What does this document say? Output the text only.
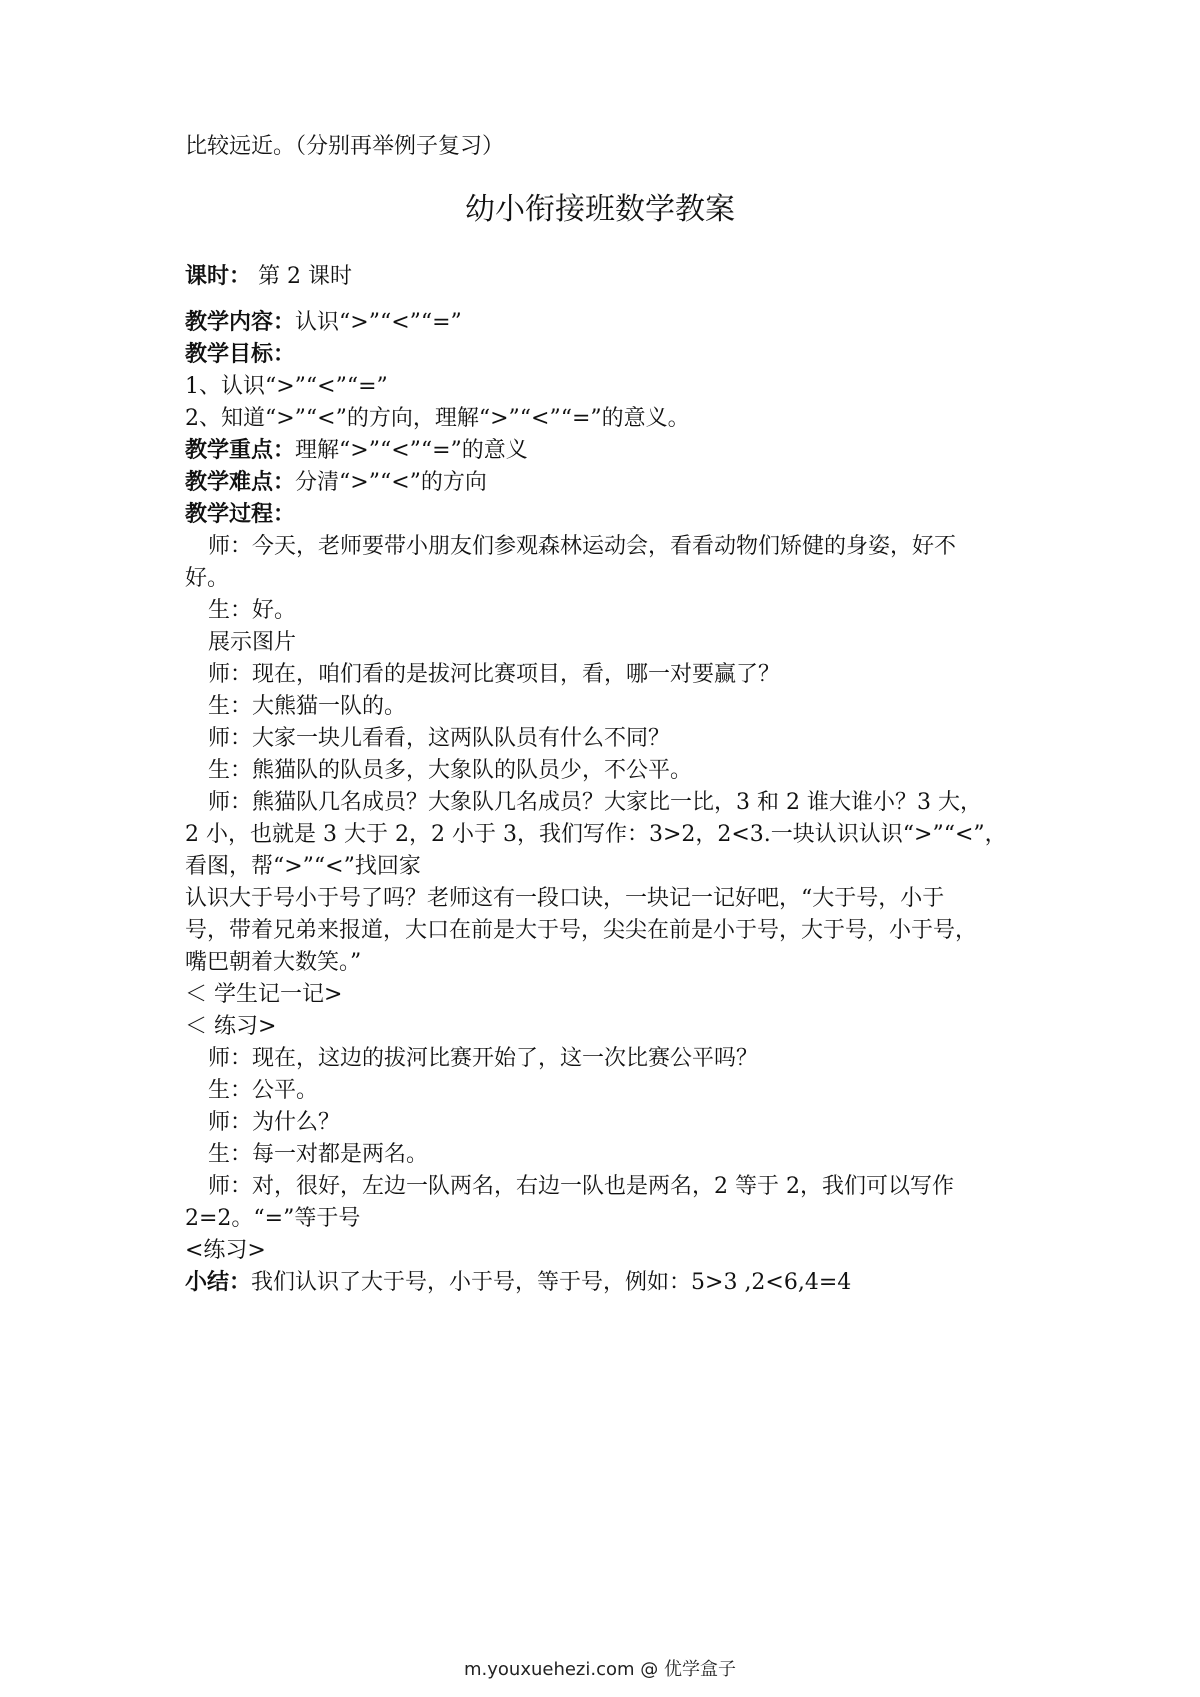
比较远近。（分别再举例子复习）
幼小衔接班数学教案
课时： 第 2 课时
教学内容：认识“>”“<”“=”
教学目标：
1、认识“>”“<”“=”
2、知道“>”“<”的方向，理解“>”“<”“=”的意义。
教学重点：理解“>”“<”“=”的意义
教学难点：分清“>”“<”的方向
教学过程：
师：今天，老师要带小朋友们参观森林运动会，看看动物们矫健的身姿，好不
好。
生：好。
展示图片
师：现在，咱们看的是拔河比赛项目，看，哪一对要赢了？
生：大熊猫一队的。
师：大家一块儿看看，这两队队员有什么不同？
生：熊猫队的队员多，大象队的队员少，不公平。
师：熊猫队几名成员？大象队几名成员？大家比一比，3 和 2 谁大谁小？3 大，
2 小，也就是 3 大于 2，2 小于 3，我们写作：3>2，2<3.一块认识认识“>”“<”，
看图，帮“>”“<”找回家
认识大于号小于号了吗？老师这有一段口诀，一块记一记好吧，“大于号，小于
号，带着兄弟来报道，大口在前是大于号，尖尖在前是小于号，大于号，小于号，
嘴巴朝着大数笑。”
＜ 学生记一记>
＜ 练习>
师：现在，这边的拔河比赛开始了，这一次比赛公平吗？
生：公平。
师：为什么？
生：每一对都是两名。
师：对，很好，左边一队两名，右边一队也是两名，2 等于 2，我们可以写作
2=2。“=”等于号
<练习>
小结：我们认识了大于号，小于号，等于号，例如：5>3 ,2<6,4=4
m.youxuehezi.com @ 优学盒子
